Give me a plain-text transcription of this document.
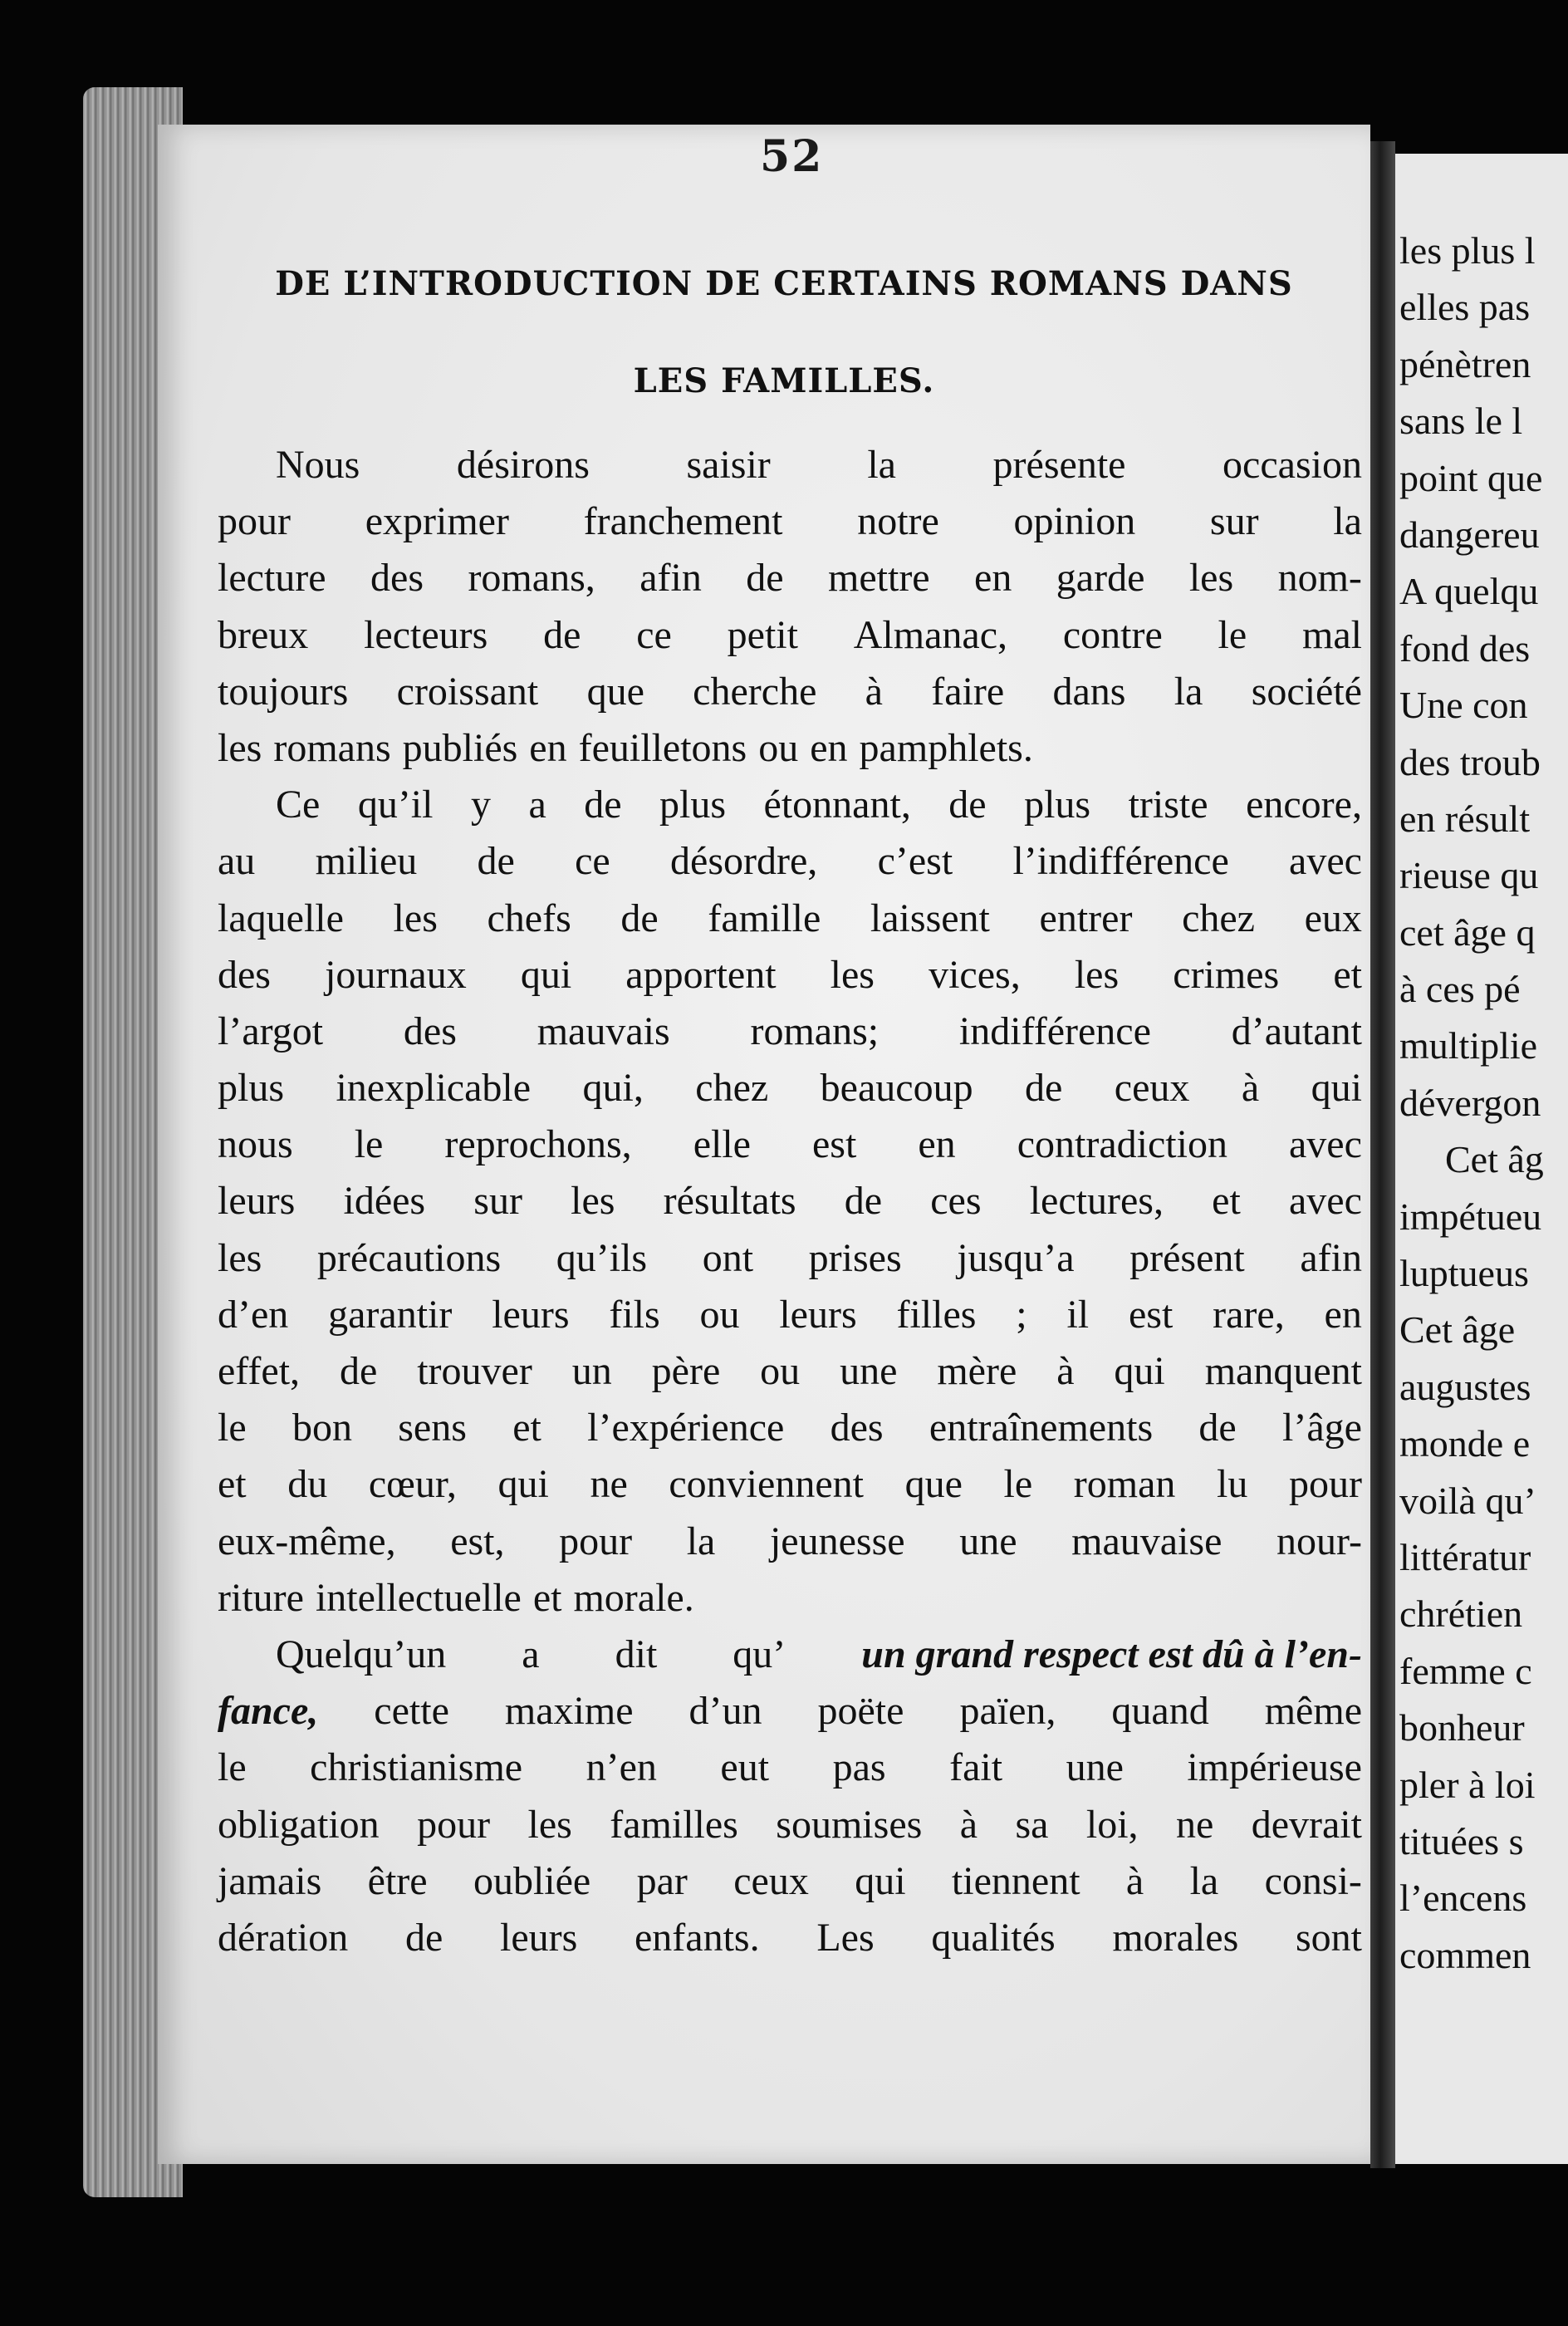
52
DE L’INTRODUCTION DE CERTAINS ROMANS DANS
LES FAMILLES.
Nous désirons saisir la présente occasion
pour exprimer franchement notre opinion sur la
lecture des romans, afin de mettre en garde les nom-
breux lecteurs de ce petit Almanac, contre le mal
toujours croissant que cherche à faire dans la société
les romans publiés en feuilletons ou en pamphlets.
Ce qu’il y a de plus étonnant, de plus triste encore,
au milieu de ce désordre, c’est l’indifférence avec
laquelle les chefs de famille laissent entrer chez eux
des journaux qui apportent les vices, les crimes et
l’argot des mauvais romans; indifférence d’autant
plus inexplicable qui, chez beaucoup de ceux à qui
nous le reprochons, elle est en contradiction avec
leurs idées sur les résultats de ces lectures, et avec
les précautions qu’ils ont prises jusqu’a présent afin
d’en garantir leurs fils ou leurs filles ; il est rare, en
effet, de trouver un père ou une mère à qui manquent
le bon sens et l’expérience des entraînements de l’âge
et du cœur, qui ne conviennent que le roman lu pour
eux-même, est, pour la jeunesse une mauvaise nour-
riture intellectuelle et morale.
Quelqu’un a dit qu’ un grand respect est dû à l’en-
fance, cette maxime d’un poëte païen, quand même
le christianisme n’en eut pas fait une impérieuse
obligation pour les familles soumises à sa loi, ne devrait
jamais être oubliée par ceux qui tiennent à la consi-
dération de leurs enfants. Les qualités morales sont
les plus l
elles pas
pénètren
sans le l
point que
dangereu
A quelqu
fond des
Une con
des troub
en résult
rieuse qu
cet âge q
à ces pé
multiplie
dévergon
Cet âg
impétueu
luptueus
Cet âge
augustes
monde e
voilà qu’
littératur
chrétien
femme c
bonheur
pler à loi
tituées s
l’encens
commen
